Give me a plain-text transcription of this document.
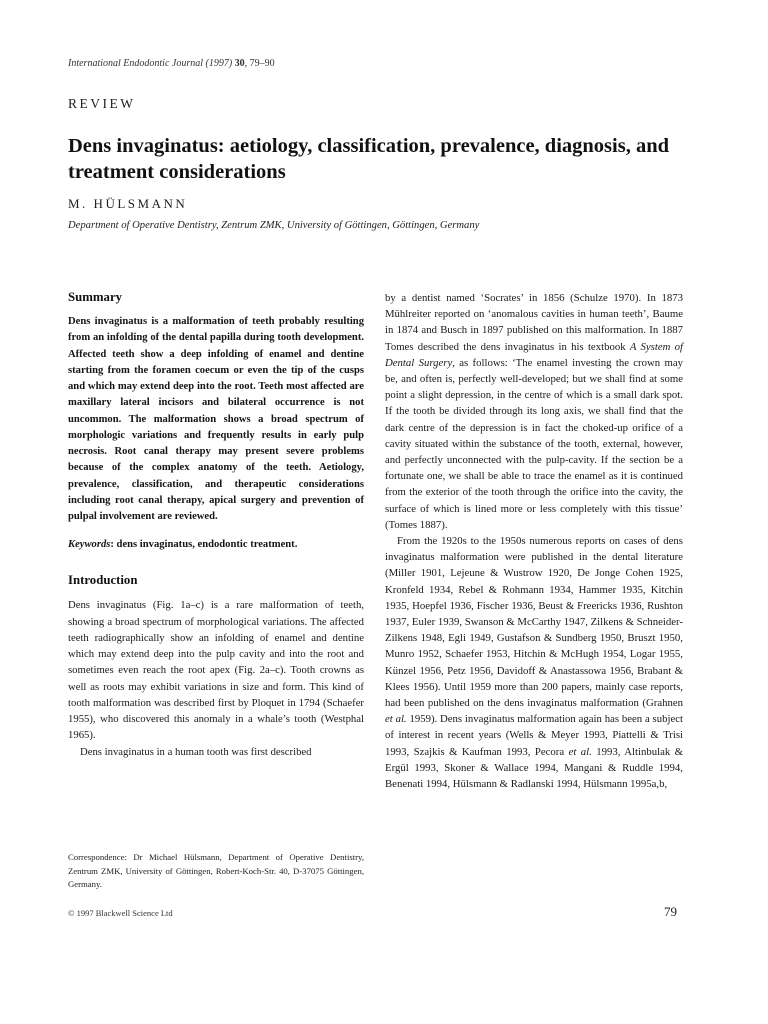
International Endodontic Journal (1997) 30, 79–90
REVIEW
Dens invaginatus: aetiology, classification, prevalence, diagnosis, and treatment considerations
M. HÜLSMANN
Department of Operative Dentistry, Zentrum ZMK, University of Göttingen, Göttingen, Germany
Summary

Dens invaginatus is a malformation of teeth probably resulting from an infolding of the dental papilla during tooth development. Affected teeth show a deep infolding of enamel and dentine starting from the foramen coecum or even the tip of the cusps and which may extend deep into the root. Teeth most affected are maxillary lateral incisors and bilateral occurrence is not uncommon. The malformation shows a broad spectrum of morphologic variations and frequently results in early pulp necrosis. Root canal therapy may present severe problems because of the complex anatomy of the teeth. Aetiology, prevalence, classification, and therapeutic considerations including root canal therapy, apical surgery and prevention of pulpal involvement are reviewed.

Keywords: dens invaginatus, endodontic treatment.

Introduction

Dens invaginatus (Fig. 1a–c) is a rare malformation of teeth, showing a broad spectrum of morphological variations. The affected teeth radiographically show an infolding of enamel and dentine which may extend deep into the pulp cavity and into the root and sometimes even reach the root apex (Fig. 2a–c). Tooth crowns as well as roots may exhibit variations in size and form. This kind of tooth malformation was described first by Ploquet in 1794 (Schaefer 1955), who discovered this anomaly in a whale’s tooth (Westphal 1965).

Dens invaginatus in a human tooth was first described

Correspondence: Dr Michael Hülsmann, Department of Operative Dentistry, Zentrum ZMK, University of Göttingen, Robert-Koch-Str. 40, D-37075 Göttingen, Germany.
© 1997 Blackwell Science Ltd

by a dentist named ‘Socrates’ in 1856 (Schulze 1970). In 1873 Mühlreiter reported on ‘anomalous cavities in human teeth’, Baume in 1874 and Busch in 1897 published on this malformation. In 1887 Tomes described the dens invaginatus in his textbook A System of Dental Surgery, as follows: ‘The enamel investing the crown may be, and often is, perfectly well-developed; but we shall find at some point a slight depression, in the centre of which is a small dark spot. If the tooth be divided through its long axis, we shall find that the dark centre of the depression is in fact the choked-up orifice of a cavity situated within the substance of the tooth, external, however, and perfectly unconnected with the pulp-cavity. If the section be a fortunate one, we shall be able to trace the enamel as it is continued from the exterior of the tooth through the orifice into the cavity, the surface of which is lined more or less completely with this tissue’ (Tomes 1887).

From the 1920s to the 1950s numerous reports on cases of dens invaginatus malformation were published in the dental literature (Miller 1901, Lejeune & Wustrow 1920, De Jonge Cohen 1925, Kronfeld 1934, Rebel & Rohmann 1934, Hammer 1935, Kitchin 1935, Hoepfel 1936, Fischer 1936, Beust & Freericks 1936, Rushton 1937, Euler 1939, Swanson & McCarthy 1947, Zilkens & Schneider-Zilkens 1948, Egli 1949, Gustafson & Sundberg 1950, Bruszt 1950, Munro 1952, Schaefer 1953, Hitchin & McHugh 1954, Logar 1955, Künzel 1956, Petz 1956, Davidoff & Anastassowa 1956, Brabant & Klees 1956). Until 1959 more than 200 papers, mainly case reports, had been published on the dens invaginatus malformation (Grahnen et al. 1959). Dens invaginatus malformation again has been a subject of interest in recent years (Wells & Meyer 1993, Piattelli & Trisi 1993, Szajkis & Kaufman 1993, Pecora et al. 1993, Altinbulak & Ergül 1993, Skoner & Wallace 1994, Mangani & Ruddle 1994, Benenati 1994, Hülsmann & Radlanski 1994, Hülsmann 1995a,b,

79
